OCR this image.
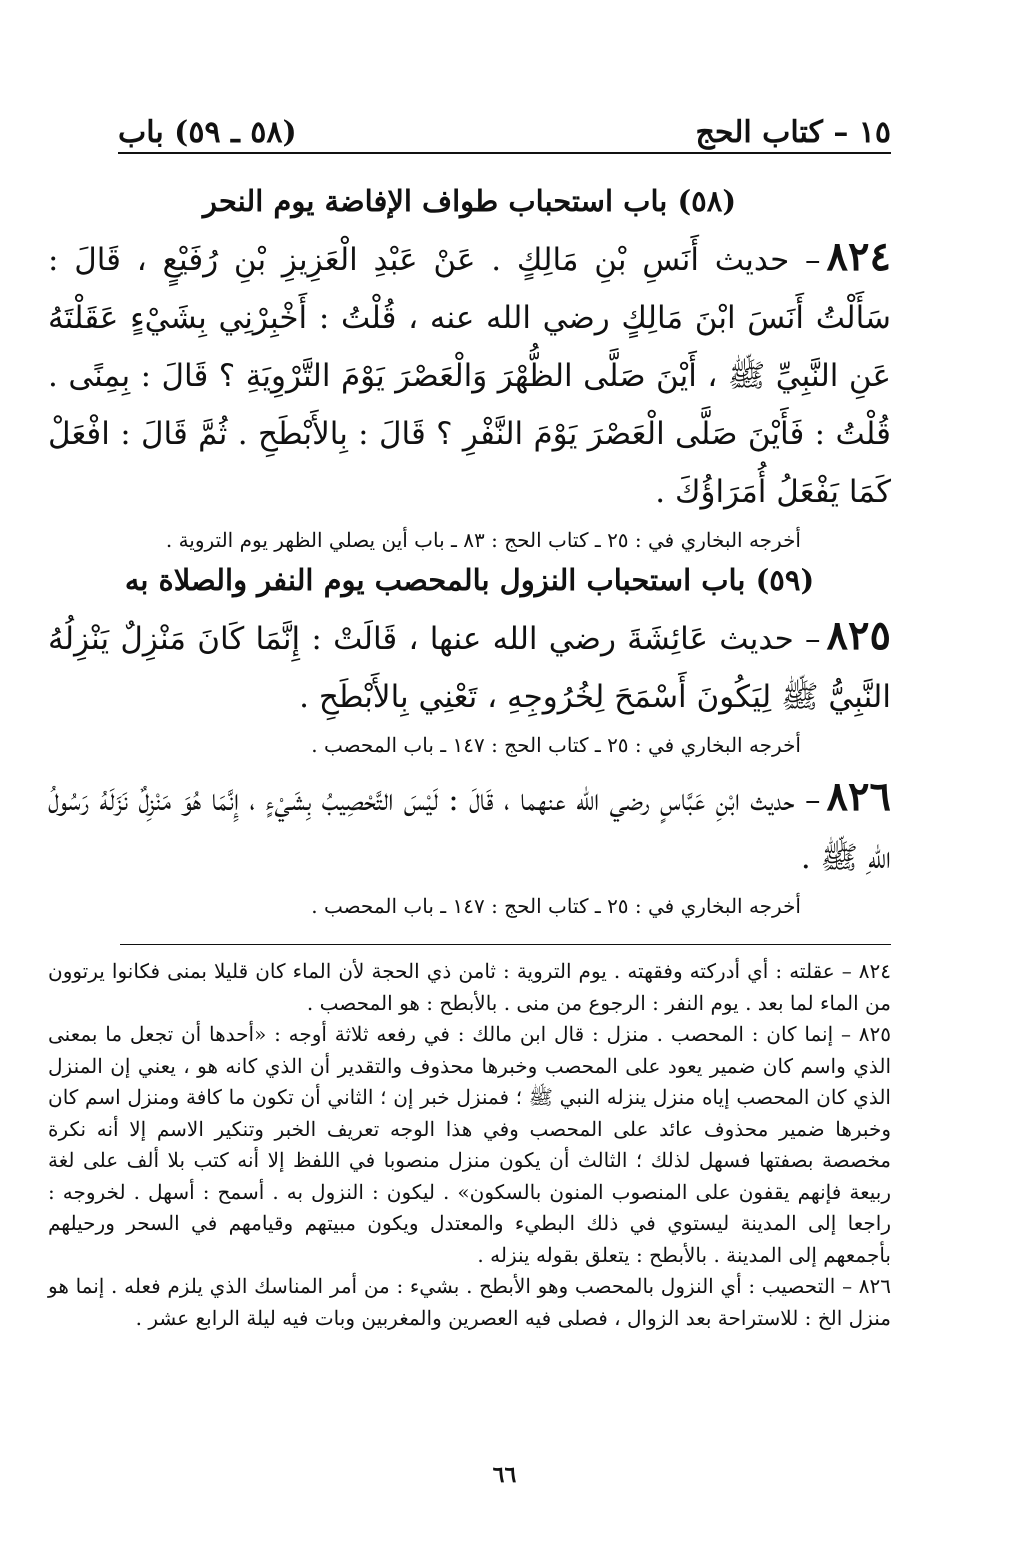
١٥ – كتاب الحج
(٥٨ ـ ٥٩) باب
(٥٨) باب استحباب طواف الإفاضة يوم النحر
٨٢٤– حديث أَنَسِ بْنِ مَالِكٍ . عَنْ عَبْدِ الْعَزِيزِ بْنِ رُفَيْعٍ ، قَالَ : سَأَلْتُ أَنَسَ ابْنَ مَالِكٍ رضي الله عنه ، قُلْتُ : أَخْبِرْنِي بِشَيْءٍ عَقَلْتَهُ عَنِ النَّبِيِّ ﷺ ، أَيْنَ صَلَّى الظُّهْرَ وَالْعَصْرَ يَوْمَ التَّرْوِيَةِ ؟ قَالَ : بِمِنًى . قُلْتُ : فَأَيْنَ صَلَّى الْعَصْرَ يَوْمَ النَّفْرِ ؟ قَالَ : بِالأَبْطَحِ . ثُمَّ قَالَ : افْعَلْ كَمَا يَفْعَلُ أُمَرَاؤُكَ .
أخرجه البخاري في : ٢٥ ـ كتاب الحج : ٨٣ ـ باب أين يصلي الظهر يوم التروية .
(٥٩) باب استحباب النزول بالمحصب يوم النفر والصلاة به
٨٢٥– حديث عَائِشَةَ رضي الله عنها ، قَالَتْ : إِنَّمَا كَانَ مَنْزِلٌ يَنْزِلُهُ النَّبِيُّ ﷺ لِيَكُونَ أَسْمَحَ لِخُرُوجِهِ ، تَعْنِي بِالأَبْطَحِ .
أخرجه البخاري في : ٢٥ ـ كتاب الحج : ١٤٧ ـ باب المحصب .
٨٢٦– حديث ابْنِ عَبَّاسٍ رضي الله عنهما ، قَالَ : لَيْسَ التَّحْصِيبُ بِشَيْءٍ ، إِنَّمَا هُوَ مَنْزِلٌ نَزَلَهُ رَسُولُ اللهِ ﷺ .
أخرجه البخاري في : ٢٥ ـ كتاب الحج : ١٤٧ ـ باب المحصب .

٨٢٤ – عقلته : أي أدركته وفقهته . يوم التروية : ثامن ذي الحجة لأن الماء كان قليلا بمنى فكانوا يرتوون من الماء لما بعد . يوم النفر : الرجوع من منى . بالأبطح : هو المحصب .

٨٢٥ – إنما كان : المحصب . منزل : قال ابن مالك : في رفعه ثلاثة أوجه : «أحدها أن تجعل ما بمعنى الذي واسم كان ضمير يعود على المحصب وخبرها محذوف والتقدير أن الذي كانه هو ، يعني إن المنزل الذي كان المحصب إياه منزل ينزله النبي ﷺ ؛ فمنزل خبر إن ؛ الثاني أن تكون ما كافة ومنزل اسم كان وخبرها ضمير محذوف عائد على المحصب وفي هذا الوجه تعريف الخبر وتنكير الاسم إلا أنه نكرة مخصصة بصفتها فسهل لذلك ؛ الثالث أن يكون منزل منصوبا في اللفظ إلا أنه كتب بلا ألف على لغة ربيعة فإنهم يقفون على المنصوب المنون بالسكون» . ليكون : النزول به . أسمح : أسهل . لخروجه : راجعا إلى المدينة ليستوي في ذلك البطيء والمعتدل ويكون مبيتهم وقيامهم في السحر ورحيلهم بأجمعهم إلى المدينة . بالأبطح : يتعلق بقوله ينزله .

٨٢٦ – التحصيب : أي النزول بالمحصب وهو الأبطح . بشيء : من أمر المناسك الذي يلزم فعله . إنما هو منزل الخ : للاستراحة بعد الزوال ، فصلى فيه العصرين والمغربين وبات فيه ليلة الرابع عشر .

٦٦
